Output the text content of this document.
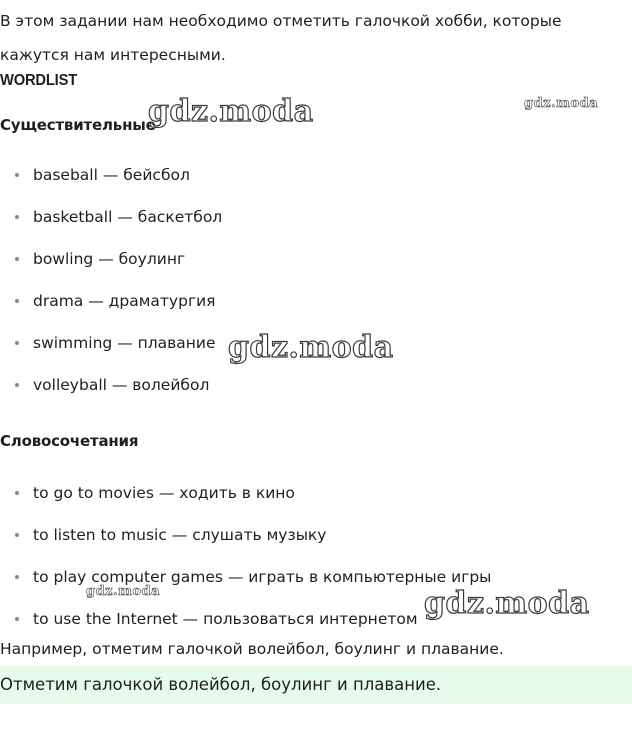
В этом задании нам необходимо отметить галочкой хобби, которые кажутся нам интересными.

WORDLIST
Существительные
baseball — бейсбол
basketball — баскетбол
bowling — боулинг
drama — драматургия
swimming — плавание
volleyball — волейбол
Словосочетания
to go to movies — ходить в кино
to listen to music — слушать музыку
to play computer games — играть в компьютерные игры
to use the Internet — пользоваться интернетом

Например, отметим галочкой волейбол, боулинг и плавание.

Отметим галочкой волейбол, боулинг и плавание.

gdz.moda	gdz.moda
gdz.moda
gdz.moda	gdz.moda
